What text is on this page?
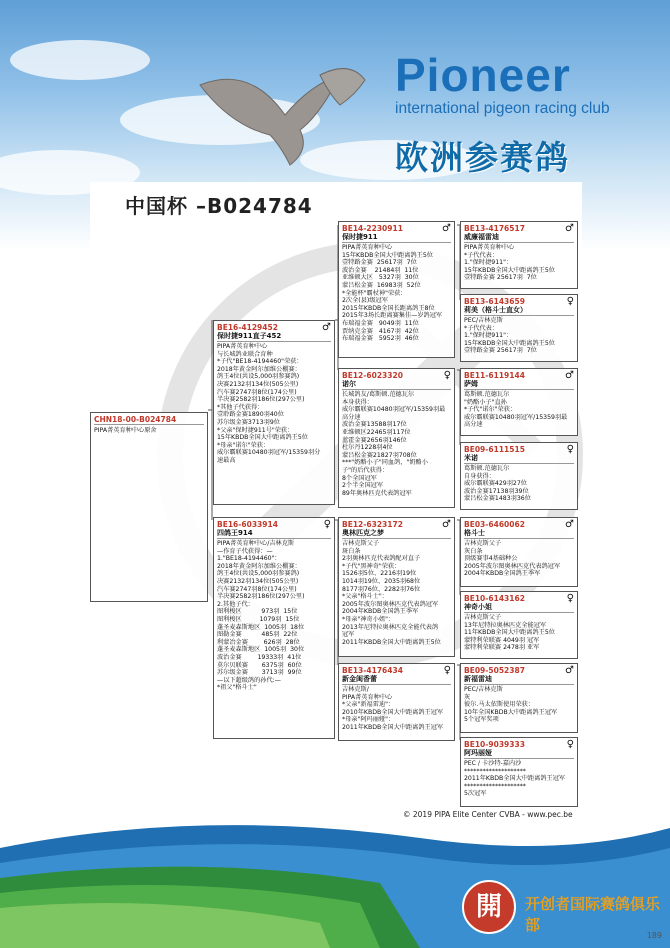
Pioneer
international pigeon racing club
欧洲参赛鸽
中国杯 –B024784
CHN18-00-B024784
PIPA菁英育种中心原舍
BE16-4129452	♂
保时捷911直子452
PIPA菁英育种中心
与长城鸽业联合育种
*子代"BE18-4194460"荣获：
2018年黄金阿尔加维公棚赛：
鸽王4位(共设5,000羽参赛鸽)
决赛2132羽134位(505公里)
汽车赛2747羽8位(174公里)
半决赛2582羽186位(297公里)
*其他子代获得：
壹聆路金赛1890羽40位
苏尔级金赛3713羽9位
*父亲"保时捷911号"荣获：
15年KBDB全国大中距离鸽王5位
*母亲"诺尔"荣获：
威尔霸联赛10480羽冠军/15359羽分
速最高
BE16-6033914	♀
四鸽王914
PIPA菁英育种中心/吉林克斯
—作育子代获得：—
1."BE18-4194460"：
2018年黄金阿尔加维公棚赛：
鸽王4位(共设5,000羽参赛鸽)
决赛2132羽134位(505公里)
汽车赛2747羽8位(174公里)
半决赛2582羽186位(297公里)
2.其他子代：
图利梭区          973羽  15位
图利梭区         1079羽  15位
蓬圣麦森斯地区  1005羽  18位
图勒金赛          485羽  22位
利蒙冶金赛        626羽  28位
蓬圣麦森斯地区  1005羽  30位
波治金赛        19333羽  41位
莫尔贝联赛       6375羽  60位
苏尔级金赛       3713羽  99位
—以下超级鸽的孙代:—
*祖父"格斗士"
BE14-2230911	♂
保时捷911
PIPA菁英育种中心
15年KBDB全国大中距离鸽王5位
壹特路金赛  25617羽  7位
波治金赛    21484羽  11位
亚维顿大区   5327羽  30位
蒙吕松金赛  16983羽  52位
*全能杯"霸杖神"荣获：
2次全(县)级冠军
2015年KBDB全国长距离鸽王8位
2015年3场长距离赛集佳—岁鸽冠军
布瑞福金赛   9049羽  11位
贾纳克金赛   4167羽  42位
布瑞福金赛   5952羽  46位
BE12-6023320	♀
诺尔
长城鸽友/葛斯顿.范德瓦尔
本身获得：
威尔霸联赛10480羽冠军/15359羽最
高分速
波治金赛13588羽17位
亚维顿区22465羽117位
蓝霍金赛2656羽146位
杜尔丹1228羽4位
蒙吕松金赛21827羽708位
***"奶酪小子"同血鸽，"奶酪小
子"的后代获得：
8个全国冠军
2个半全国冠军
89年奥林匹克代表鸽冠军
BE12-6323172	♂
奥林匹克之梦
吉林克斯父子
斑白条
2羽奥林匹克代表鸽配对直子
*子代"黑神奇"荣获：
1526羽5位、2216羽19位
1014羽19位、2035羽68位
8177羽76位、2282羽76位
*父亲"格斗士"：
2005年波尔图奥林匹克代表鸽冠军
2004年KBDB全国鸽王季军
*母亲"神奇小姐"：
2013年尼特拉奥林匹克全能代表鸽
冠军
2011年KBDB全国大中距离鸽王5位
BE13-4176434	♀
新金闺香蕾
吉林克斯/
PIPA菁英育种中心
*父亲"新福雷迪"：
2010年KBDB全国大中距离鸽王冠军
*母亲"阿玛丽娅"：
2011年KBDB全国大中距离鸽王冠军
BE13-4176517	♂
威廉福雷迪
PIPA菁英育种中心
*子代代表：
1."保时捷911"：
15年KBDB全国大中距离鸽王5位
壹特路金赛 25617羽  7位
BE13-6143659	♀
莉美（格斗士直女）
PEC/吉林克斯
*子代代表：
1."保时捷911"：
15年KBDB全国大中距离鸽王5位
壹特路金赛 25617羽  7位
BE11-6119144	♂
萨姆
葛斯顿.范德瓦尔
"奶酪小子"直孙
*子代"诺尔"荣获：
威尔霸联赛10480羽冠军/15359羽最
高分速
BE09-6111515	♀
米诺
葛斯顿.范德瓦尔
自身获得：
威尔霸联赛429羽27位
波治金赛17138羽39位
蒙吕松金赛1483羽36位
BE03-6460062	♂
格斗士
吉林克斯父子
灰白条
顶级赛事4基础种公
2005年波尔图奥林匹克代表鸽冠军
2004年KBDB全国鸽王季军
BE10-6143162	♀
神奇小姐
吉林克斯父子
13年尼特拉奥林匹克全能冠军
11年KBDB全国大中距离鸽王5位
蒙特利荣联赛 4049羽 冠军
蒙特利荣联赛 2478羽 亚军
BE09-5052387	♂
新福雷迪
PEC/吉林克斯
灰
彼尔.马太依斯使用荣获：
10年全国KBDB大中距离鸽王冠军
5个冠军奖项
BE10-9039333	♀
阿玛丽娅
PEC / 卡沙特-嘉内沙
********************
2011年KBDB全国大中距离鸽王冠军
********************
5次冠军
© 2019 PIPA Elite Center CVBA - www.pec.be
開	开创者国际赛鸽俱乐部
189
